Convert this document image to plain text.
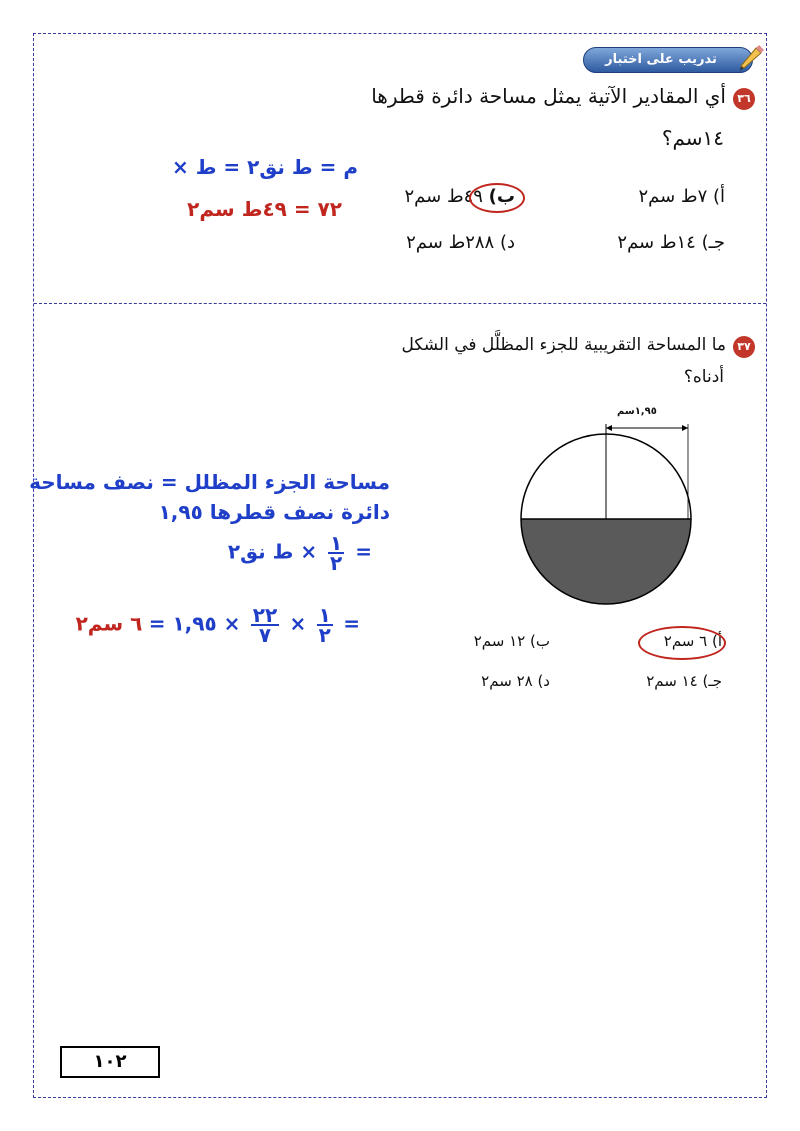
تدريب على اختبار
٣٦
أي المقادير الآتية يمثل مساحة دائرة قطرها
١٤سم؟
أ) ٧ط سم٢
ب) ٤٩ط سم٢
جـ) ١٤ط سم٢
د) ٢٨٨ط سم٢
م = ط نق٢ = ط ×
٧٢ = ٤٩ط سم٢
٣٧
ما المساحة التقريبية للجزء المظلَّل في الشكل
أدناه؟
١,٩٥سم
أ) ٦ سم٢
ب) ١٢ سم٢
جـ) ١٤ سم٢
د) ٢٨ سم٢
مساحة الجزء المظلل = نصف مساحة
دائرة نصف قطرها ١,٩٥
=
$\frac{١}{٢}$
× ط نق٢
=
$\frac{١}{٢}$
×
$\frac{٢٢}{٧}$
× ١,٩٥ = ٦ سم٢
١٠٢
